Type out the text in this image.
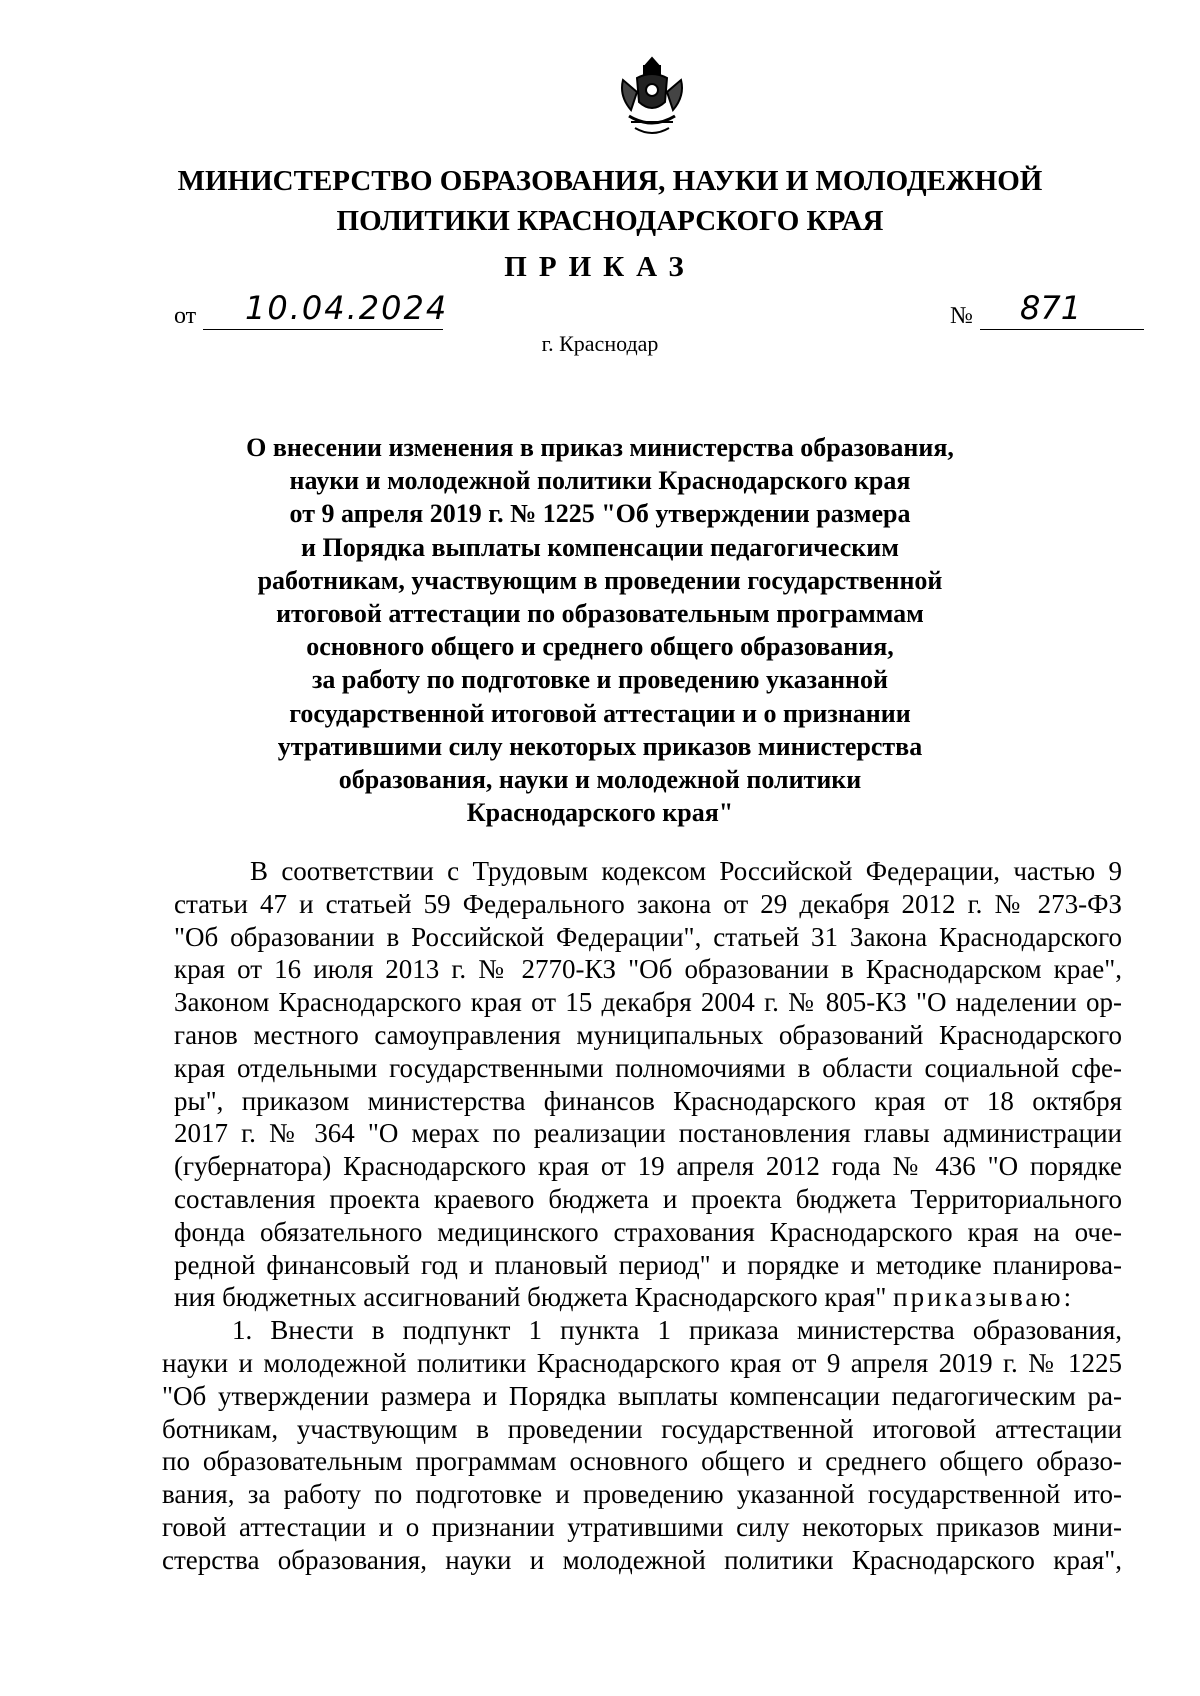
МИНИСТЕРСТВО ОБРАЗОВАНИЯ, НАУКИ И МОЛОДЕЖНОЙ
ПОЛИТИКИ КРАСНОДАРСКОГО КРАЯ
ПРИКАЗ
от 10.04.2024	№ 871
г. Краснодар
О внесении изменения в приказ министерства образования,
науки и молодежной политики Краснодарского края
от 9 апреля 2019 г. № 1225 "Об утверждении размера
и Порядка выплаты компенсации педагогическим
работникам, участвующим в проведении государственной
итоговой аттестации по образовательным программам
основного общего и среднего общего образования,
за работу по подготовке и проведению указанной
государственной итоговой аттестации и о признании
утратившими силу некоторых приказов министерства
образования, науки и молодежной политики
Краснодарского края"
В соответствии с Трудовым кодексом Российской Федерации, частью 9
статьи 47 и статьей 59 Федерального закона от 29 декабря 2012 г. № 273-ФЗ
"Об образовании в Российской Федерации", статьей 31 Закона Краснодарского
края от 16 июля 2013 г. № 2770-КЗ "Об образовании в Краснодарском крае",
Законом Краснодарского края от 15 декабря 2004 г. № 805-КЗ "О наделении ор-
ганов местного самоуправления муниципальных образований Краснодарского
края отдельными государственными полномочиями в области социальной сфе-
ры", приказом министерства финансов Краснодарского края от 18 октября
2017 г. № 364 "О мерах по реализации постановления главы администрации
(губернатора) Краснодарского края от 19 апреля 2012 года № 436 "О порядке
составления проекта краевого бюджета и проекта бюджета Территориального
фонда обязательного медицинского страхования Краснодарского края на оче-
редной финансовый год и плановый период" и порядке и методике планирова-
ния бюджетных ассигнований бюджета Краснодарского края" приказываю:
1. Внести в подпункт 1 пункта 1 приказа министерства образования,
науки и молодежной политики Краснодарского края от 9 апреля 2019 г. № 1225
"Об утверждении размера и Порядка выплаты компенсации педагогическим ра-
ботникам, участвующим в проведении государственной итоговой аттестации
по образовательным программам основного общего и среднего общего образо-
вания, за работу по подготовке и проведению указанной государственной ито-
говой аттестации и о признании утратившими силу некоторых приказов мини-
стерства образования, науки и молодежной политики Краснодарского края",
